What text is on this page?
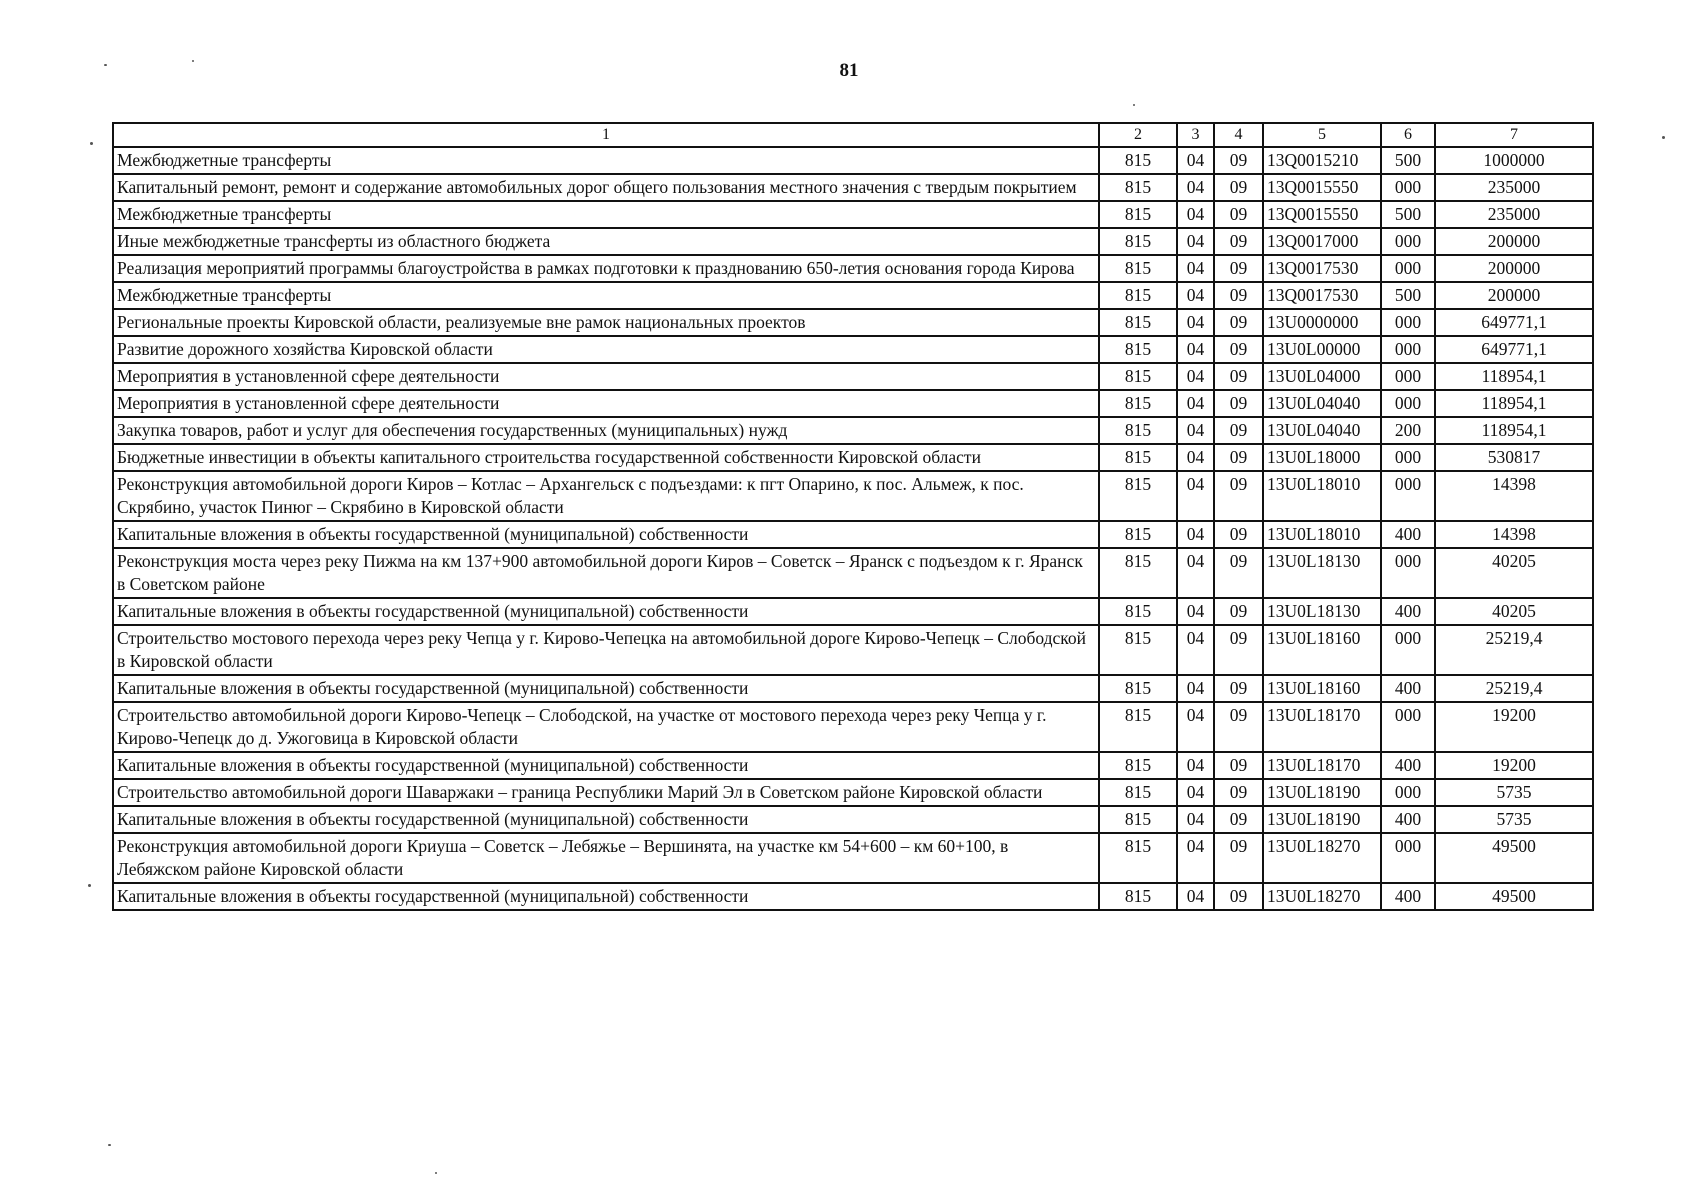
81
1	2	3	4	5	6	7
Межбюджетные трансферты	815	04	09	13Q0015210	500	1000000
Капитальный ремонт, ремонт и содержание автомобильных дорог общего пользования местного значения с твердым покрытием	815	04	09	13Q0015550	000	235000
Межбюджетные трансферты	815	04	09	13Q0015550	500	235000
Иные межбюджетные трансферты из областного бюджета	815	04	09	13Q0017000	000	200000
Реализация мероприятий программы благоустройства в рамках подготовки к празднованию 650-летия основания города Кирова	815	04	09	13Q0017530	000	200000
Межбюджетные трансферты	815	04	09	13Q0017530	500	200000
Региональные проекты Кировской области, реализуемые вне рамок национальных проектов	815	04	09	13U0000000	000	649771,1
Развитие дорожного хозяйства Кировской области	815	04	09	13U0L00000	000	649771,1
Мероприятия в установленной сфере деятельности	815	04	09	13U0L04000	000	118954,1
Мероприятия в установленной сфере деятельности	815	04	09	13U0L04040	000	118954,1
Закупка товаров, работ и услуг для обеспечения государственных (муниципальных) нужд	815	04	09	13U0L04040	200	118954,1
Бюджетные инвестиции в объекты капитального строительства государственной собственности Кировской области	815	04	09	13U0L18000	000	530817
Реконструкция автомобильной дороги Киров – Котлас – Архангельск с подъездами: к пгт Опарино, к пос. Альмеж, к пос. Скрябино, участок Пинюг – Скрябино в Кировской области	815	04	09	13U0L18010	000	14398
Капитальные вложения в объекты государственной (муниципальной) собственности	815	04	09	13U0L18010	400	14398
Реконструкция моста через реку Пижма на км 137+900 автомобильной дороги Киров – Советск – Яранск с подъездом к г. Яранск в Советском районе	815	04	09	13U0L18130	000	40205
Капитальные вложения в объекты государственной (муниципальной) собственности	815	04	09	13U0L18130	400	40205
Строительство мостового перехода через реку Чепца у г. Кирово-Чепецка на автомобильной дороге Кирово-Чепецк – Слободской в Кировской области	815	04	09	13U0L18160	000	25219,4
Капитальные вложения в объекты государственной (муниципальной) собственности	815	04	09	13U0L18160	400	25219,4
Строительство автомобильной дороги Кирово-Чепецк – Слободской, на участке от мостового перехода через реку Чепца у г. Кирово-Чепецк до д. Ужоговица в Кировской области	815	04	09	13U0L18170	000	19200
Капитальные вложения в объекты государственной (муниципальной) собственности	815	04	09	13U0L18170	400	19200
Строительство автомобильной дороги Шаваржаки – граница Республики Марий Эл в Советском районе Кировской области	815	04	09	13U0L18190	000	5735
Капитальные вложения в объекты государственной (муниципальной) собственности	815	04	09	13U0L18190	400	5735
Реконструкция автомобильной дороги Криуша – Советск – Лебяжье – Вершинята, на участке км 54+600 – км 60+100, в Лебяжском районе Кировской области	815	04	09	13U0L18270	000	49500
Капитальные вложения в объекты государственной (муниципальной) собственности	815	04	09	13U0L18270	400	49500
